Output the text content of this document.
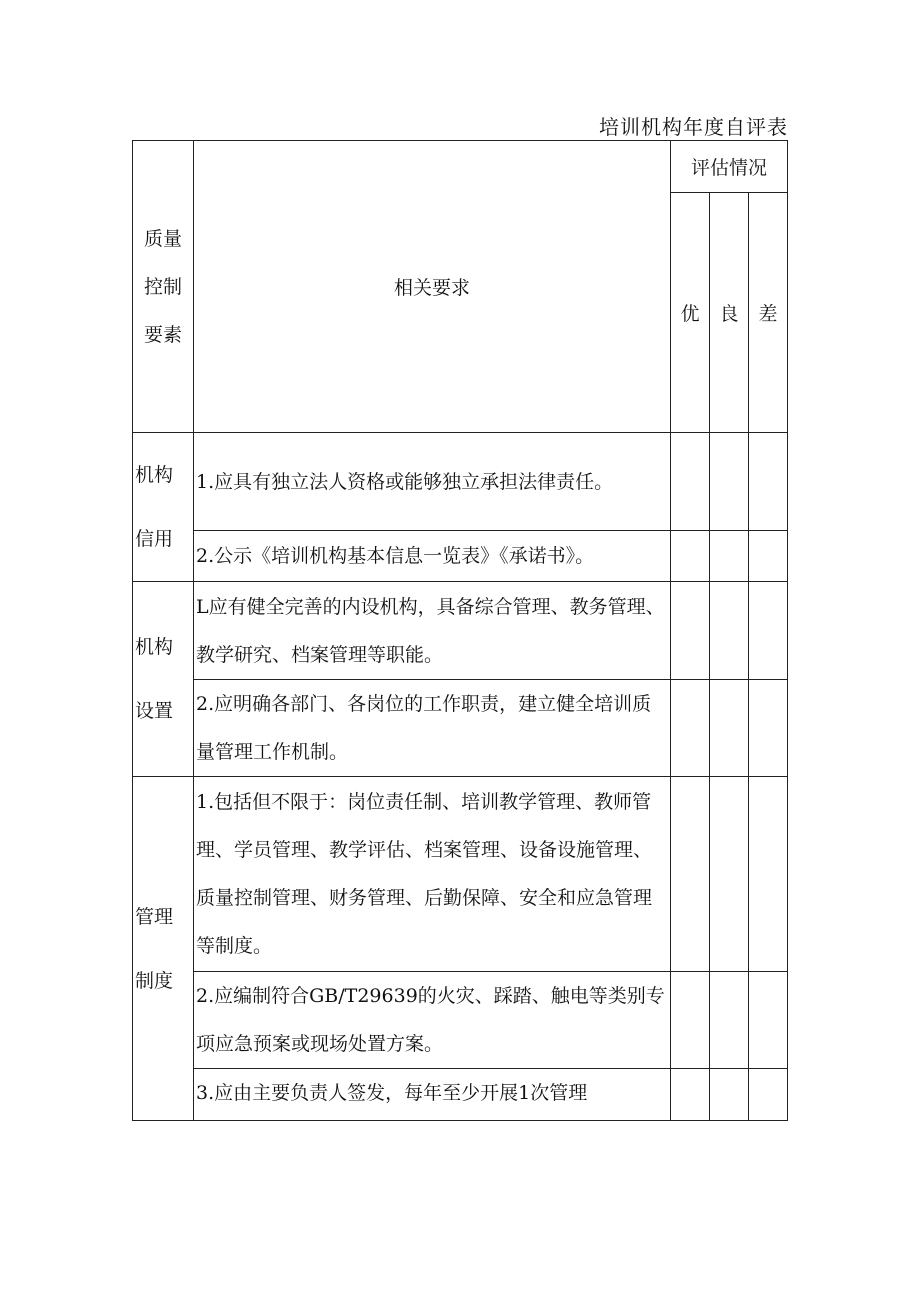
培训机构年度自评表
质量
控制
要素	相关要求	评估情况		
		优	良	差

机构
信用	1.应具有独立法人资格或能够独立承担法律责任。			
	2.公示《培训机构基本信息一览表》《承诺书》。			

机构
设置	L应有健全完善的内设机构，具备综合管理、教务管理、教学研究、档案管理等职能。			
	2.应明确各部门、各岗位的工作职责，建立健全培训质量管理工作机制。			

管理
制度	1.包括但不限于：岗位责任制、培训教学管理、教师管理、学员管理、教学评估、档案管理、设备设施管理、质量控制管理、财务管理、后勤保障、安全和应急管理等制度。			
	2.应编制符合GB/T29639的火灾、踩踏、触电等类别专项应急预案或现场处置方案。			
	3.应由主要负责人签发，每年至少开展1次管理			
